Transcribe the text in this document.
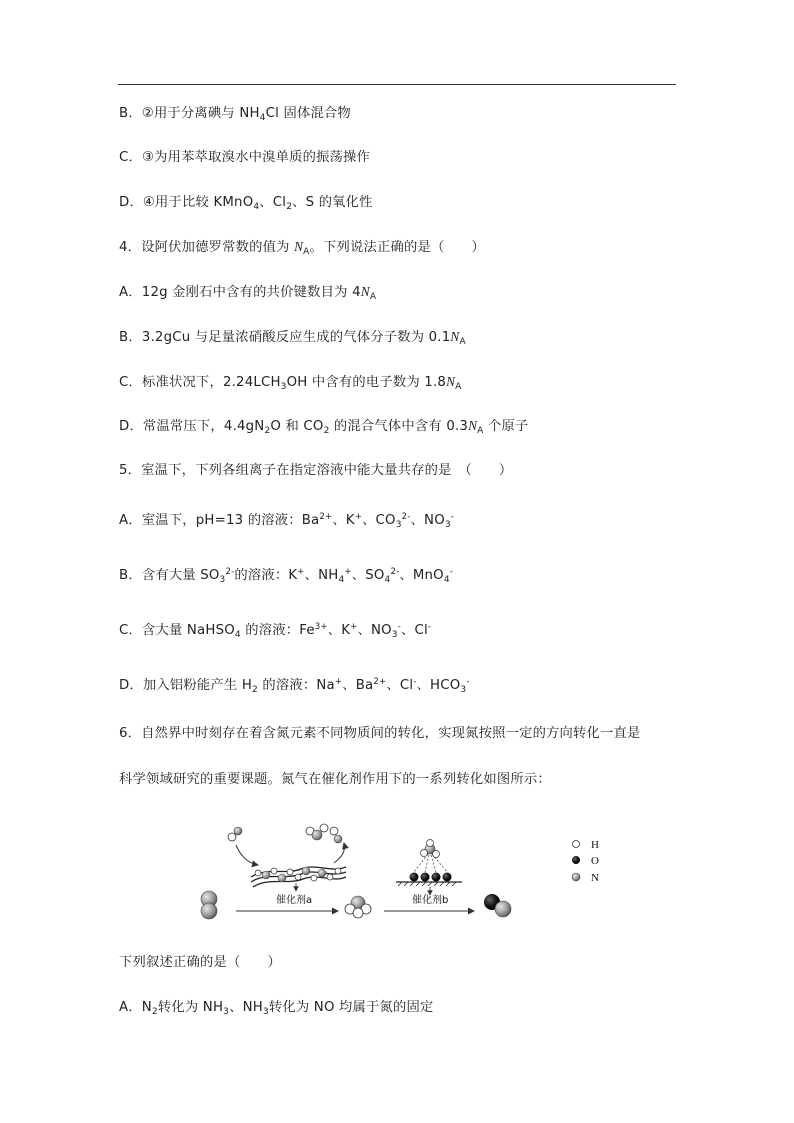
B．②用于分离碘与 $NH_4Cl$ 固体混合物
C．③为用苯萃取溴水中溴单质的振荡操作
D．④用于比较 KMnO$_4$、$Cl_2$、S 的氧化性
4．设阿伏加德罗常数的值为 $N_A$。下列说法正确的是（　　）
A．12g 金刚石中含有的共价键数目为 $4N_A$
B．3.2gCu 与足量浓硝酸反应生成的气体分子数为 $0.1N_A$
C．标准状况下，$2.24LCH_3OH$ 中含有的电子数为 $1.8N_A$
D．常温常压下，$4.4gN_2O$ 和 $CO_2$ 的混合气体中含有 $0.3N_A$ 个原子
5．室温下，下列各组离子在指定溶液中能大量共存的是　（　　）
A．室温下，pH=13 的溶液：$Ba^{2+}$、K+、$CO_3^{2-}$、$NO_3^-$
B．含有大量 $SO_3^{2-}$的溶液：K+、$NH_4^+$、$SO_4^{2-}$、MnO$_4$-
C．含大量 NaHSO$_4$ 的溶液：$Fe^{3+}$、K+、$NO_3^-$、Cl-
D．加入铝粉能产生 $H_2$ 的溶液：Na+、$Ba^{2+}$、Cl-、$HCO_3^-$
6．自然界中时刻存在着含氮元素不同物质间的转化，实现氮按照一定的方向转化一直是
科学领域研究的重要课题。氮气在催化剂作用下的一系列转化如图所示：
催化剂a	催化剂b
H
O
N
下列叙述正确的是（　　）
A．$N_2$转化为 $NH_3$、$NH_3$转化为 NO 均属于氮的固定
